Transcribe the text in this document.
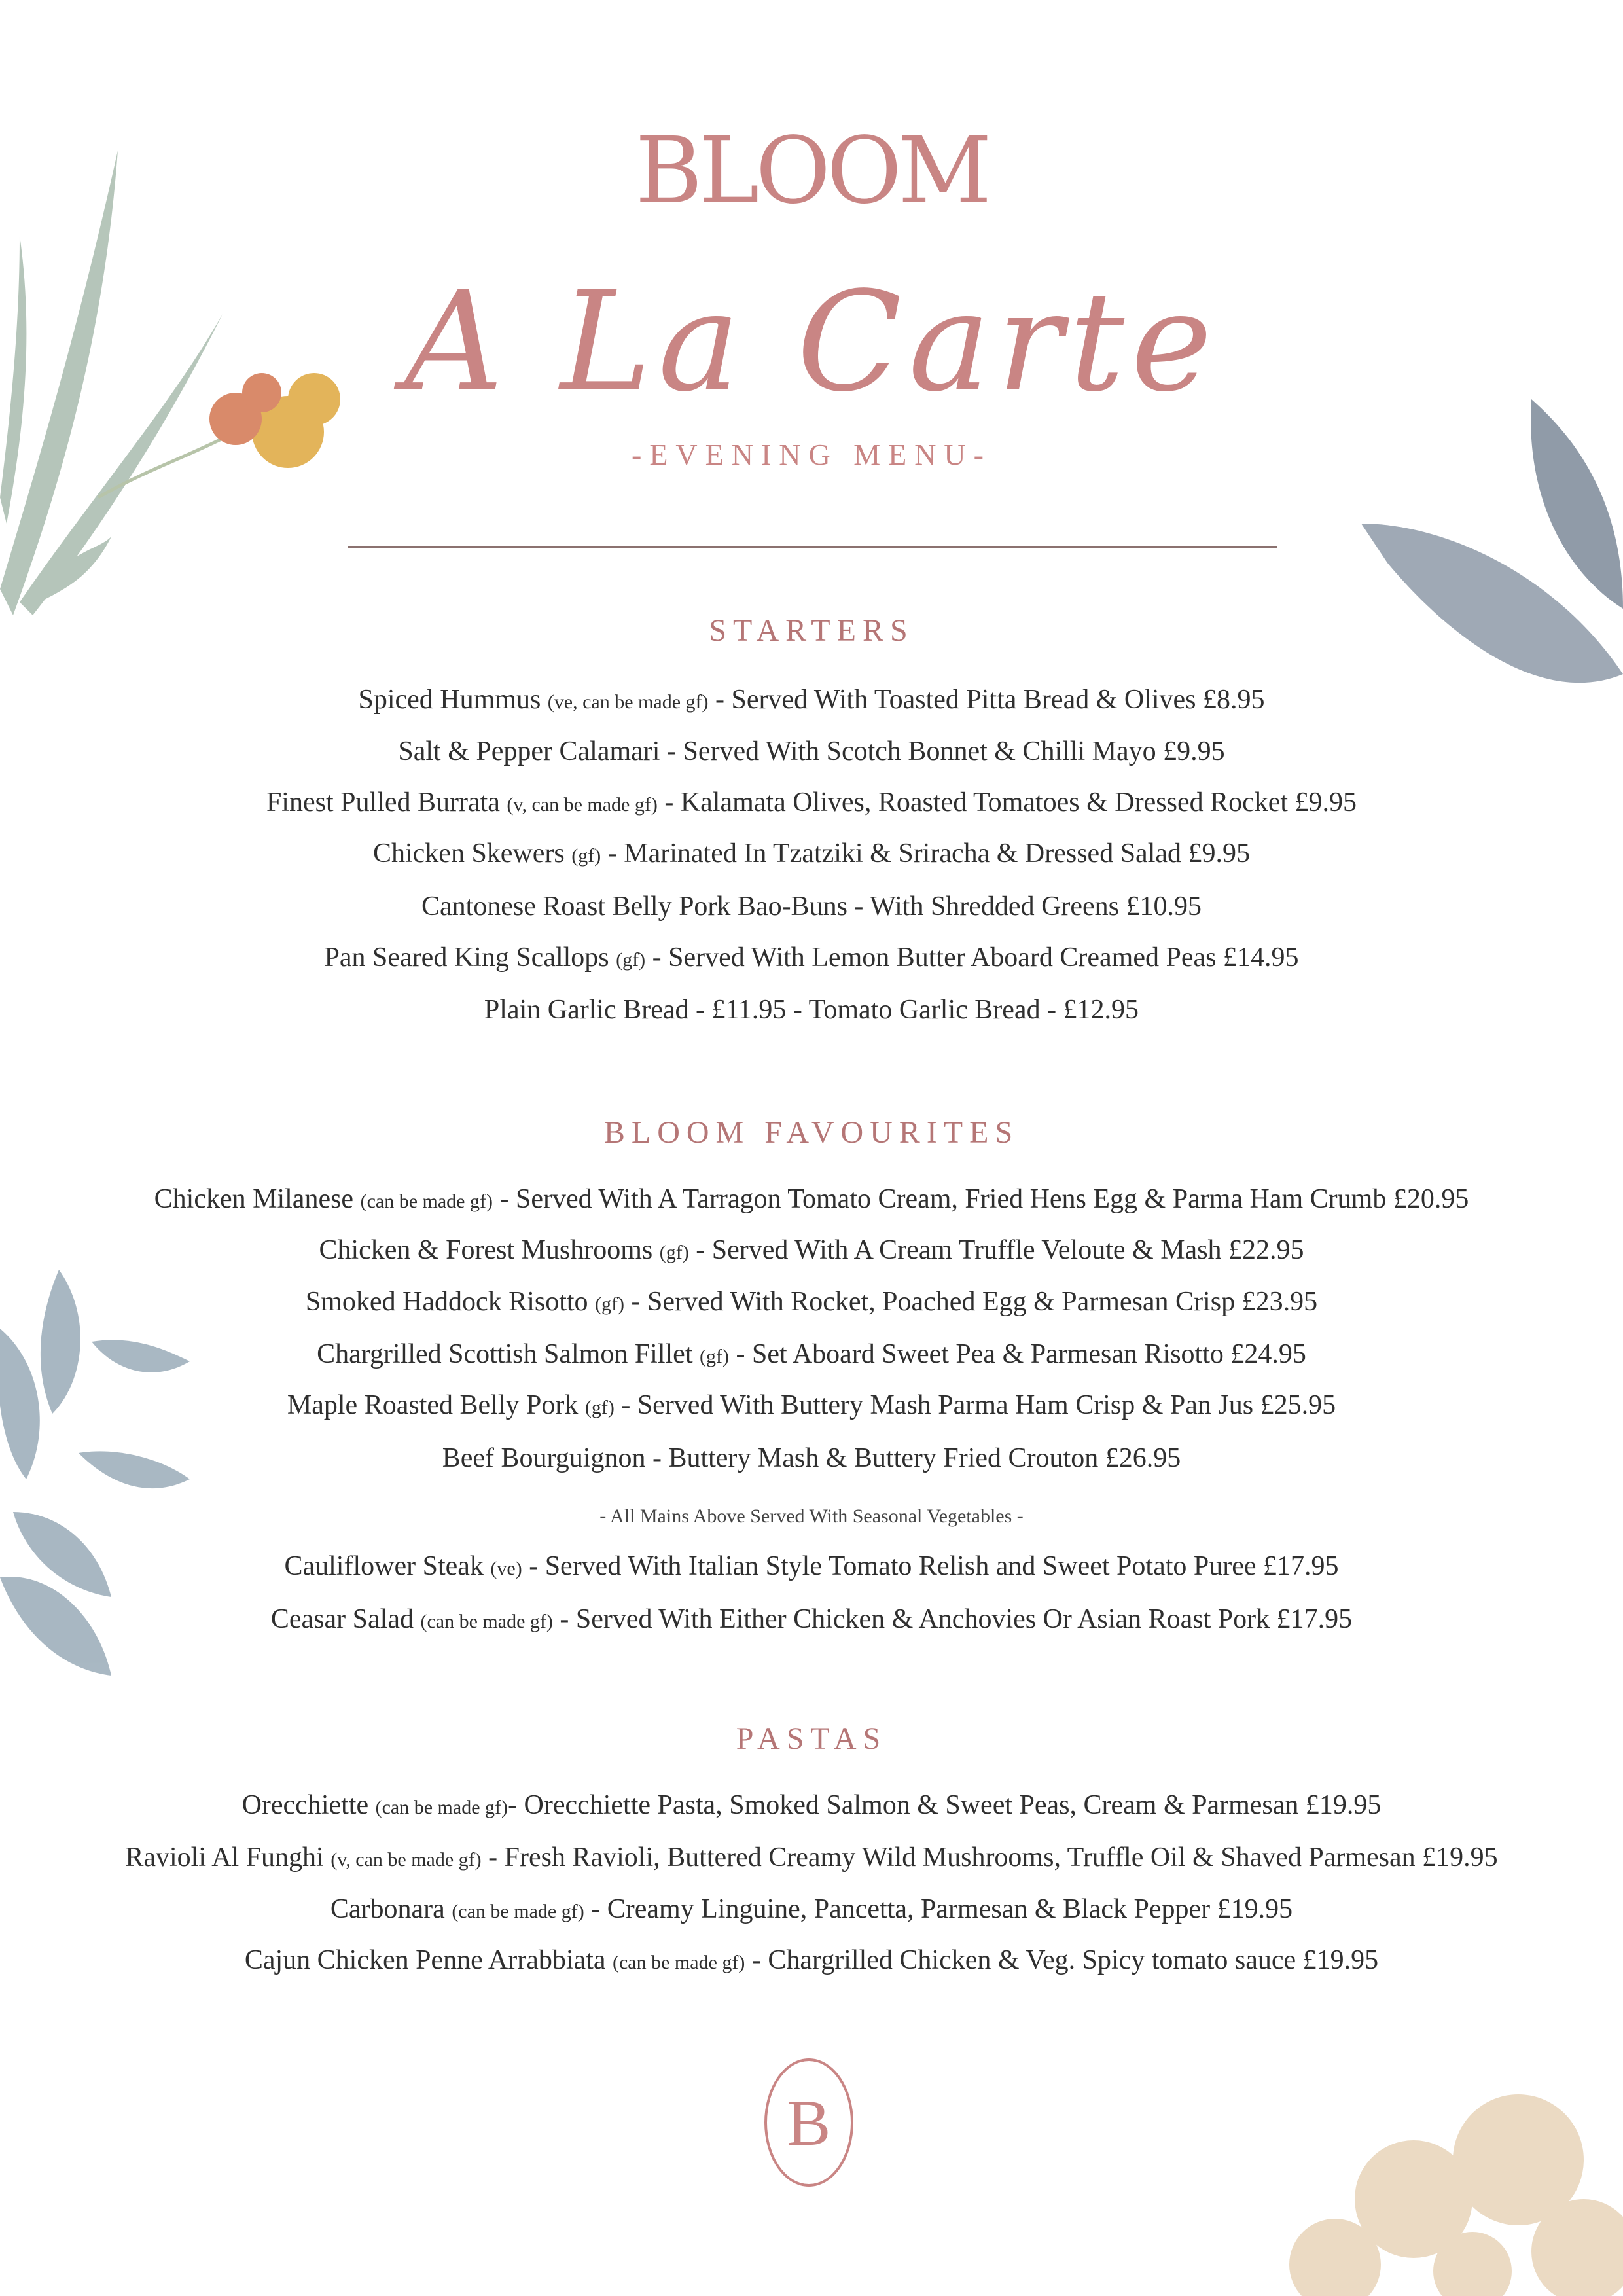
BLOOM
A La Carte
-EVENING MENU-
STARTERS
Spiced Hummus (ve, can be made gf) - Served With Toasted Pitta Bread & Olives £8.95
Salt & Pepper Calamari - Served With Scotch Bonnet & Chilli Mayo £9.95
Finest Pulled Burrata (v, can be made gf) - Kalamata Olives, Roasted Tomatoes & Dressed Rocket £9.95
Chicken Skewers (gf) - Marinated In Tzatziki & Sriracha & Dressed Salad £9.95
Cantonese Roast Belly Pork Bao-Buns - With Shredded Greens £10.95
Pan Seared King Scallops (gf) - Served With Lemon Butter Aboard Creamed Peas £14.95
Plain Garlic Bread - £11.95 - Tomato Garlic Bread - £12.95
BLOOM FAVOURITES
Chicken Milanese (can be made gf) - Served With A Tarragon Tomato Cream, Fried Hens Egg & Parma Ham Crumb £20.95
Chicken & Forest Mushrooms (gf) - Served With A Cream Truffle Veloute & Mash £22.95
Smoked Haddock Risotto (gf) - Served With Rocket, Poached Egg & Parmesan Crisp £23.95
Chargrilled Scottish Salmon Fillet (gf) - Set Aboard Sweet Pea & Parmesan Risotto £24.95
Maple Roasted Belly Pork (gf) - Served With Buttery Mash Parma Ham Crisp & Pan Jus £25.95
Beef Bourguignon - Buttery Mash & Buttery Fried Crouton £26.95
- All Mains Above Served With Seasonal Vegetables -
Cauliflower Steak (ve) - Served With Italian Style Tomato Relish and Sweet Potato Puree £17.95
Ceasar Salad (can be made gf) - Served With Either Chicken & Anchovies Or Asian Roast Pork £17.95
PASTAS
Orecchiette (can be made gf)- Orecchiette Pasta, Smoked Salmon & Sweet Peas, Cream & Parmesan £19.95
Ravioli Al Funghi (v, can be made gf) - Fresh Ravioli, Buttered Creamy Wild Mushrooms, Truffle Oil & Shaved Parmesan £19.95
Carbonara (can be made gf) - Creamy Linguine, Pancetta, Parmesan & Black Pepper £19.95
Cajun Chicken Penne Arrabbiata (can be made gf) - Chargrilled Chicken & Veg. Spicy tomato sauce £19.95
B
